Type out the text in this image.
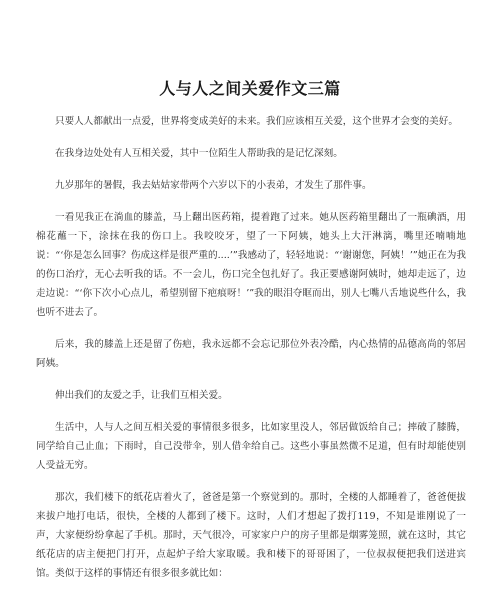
人与人之间关爱作文三篇

只要人人都献出一点爱，世界将变成美好的未来。我们应该相互关爱，这个世界才会变的美好。

在我身边处处有人互相关爱，其中一位陌生人帮助我的是记忆深刻。

九岁那年的暑假，我去姑姑家带两个六岁以下的小表弟，才发生了那件事。

一看见我正在淌血的膝盖，马上翻出医药箱，提着跑了过来。她从医药箱里翻出了一瓶碘酒，用棉花蘸一下，涂抹在我的伤口上。我咬咬牙，望了一下阿姨，她头上大汗淋漓，嘴里还喃喃地说：“‘你是怎么回事？伤成这样是很严重的....’”我感动了，轻轻地说：“‘谢谢您，阿姨！’”她正在为我的伤口治疗，无心去听我的话。不一会儿，伤口完全包扎好了。我正要感谢阿姨时，她却走远了，边走边说：“‘你下次小心点儿，希望别留下疤痕呀！’”我的眼泪夺眶而出，别人七嘴八舌地说些什么，我也听不进去了。

后来，我的膝盖上还是留了伤疤，我永远都不会忘记那位外表冷酷，内心热情的品德高尚的邻居阿姨。

伸出我们的友爱之手，让我们互相关爱。

生活中，人与人之间互相关爱的事情很多很多，比如家里没人，邻居做饭给自己；摔破了膝腾，同学给自己止血；下雨时，自己没带伞，别人借伞给自己。这些小事虽然微不足道，但有时却能使别人受益无穷。

那次，我们楼下的纸花店着火了，爸爸是第一个察觉到的。那时，全楼的人都睡着了，爸爸便拔来拔户地打电话，很快，全楼的人都到了楼下。这时，人们才想起了拨打119，不知是谁刚说了一声，大家便纷纷拿起了手机。那时，天气很冷，可家家户户的房子里都是烟雾笼照，就在这时，其它纸花店的店主便把门打开，点起炉子给大家取暖。我和楼下的哥哥困了，一位叔叔便把我们送进宾馆。类似于这样的事情还有很多很多就比如：
